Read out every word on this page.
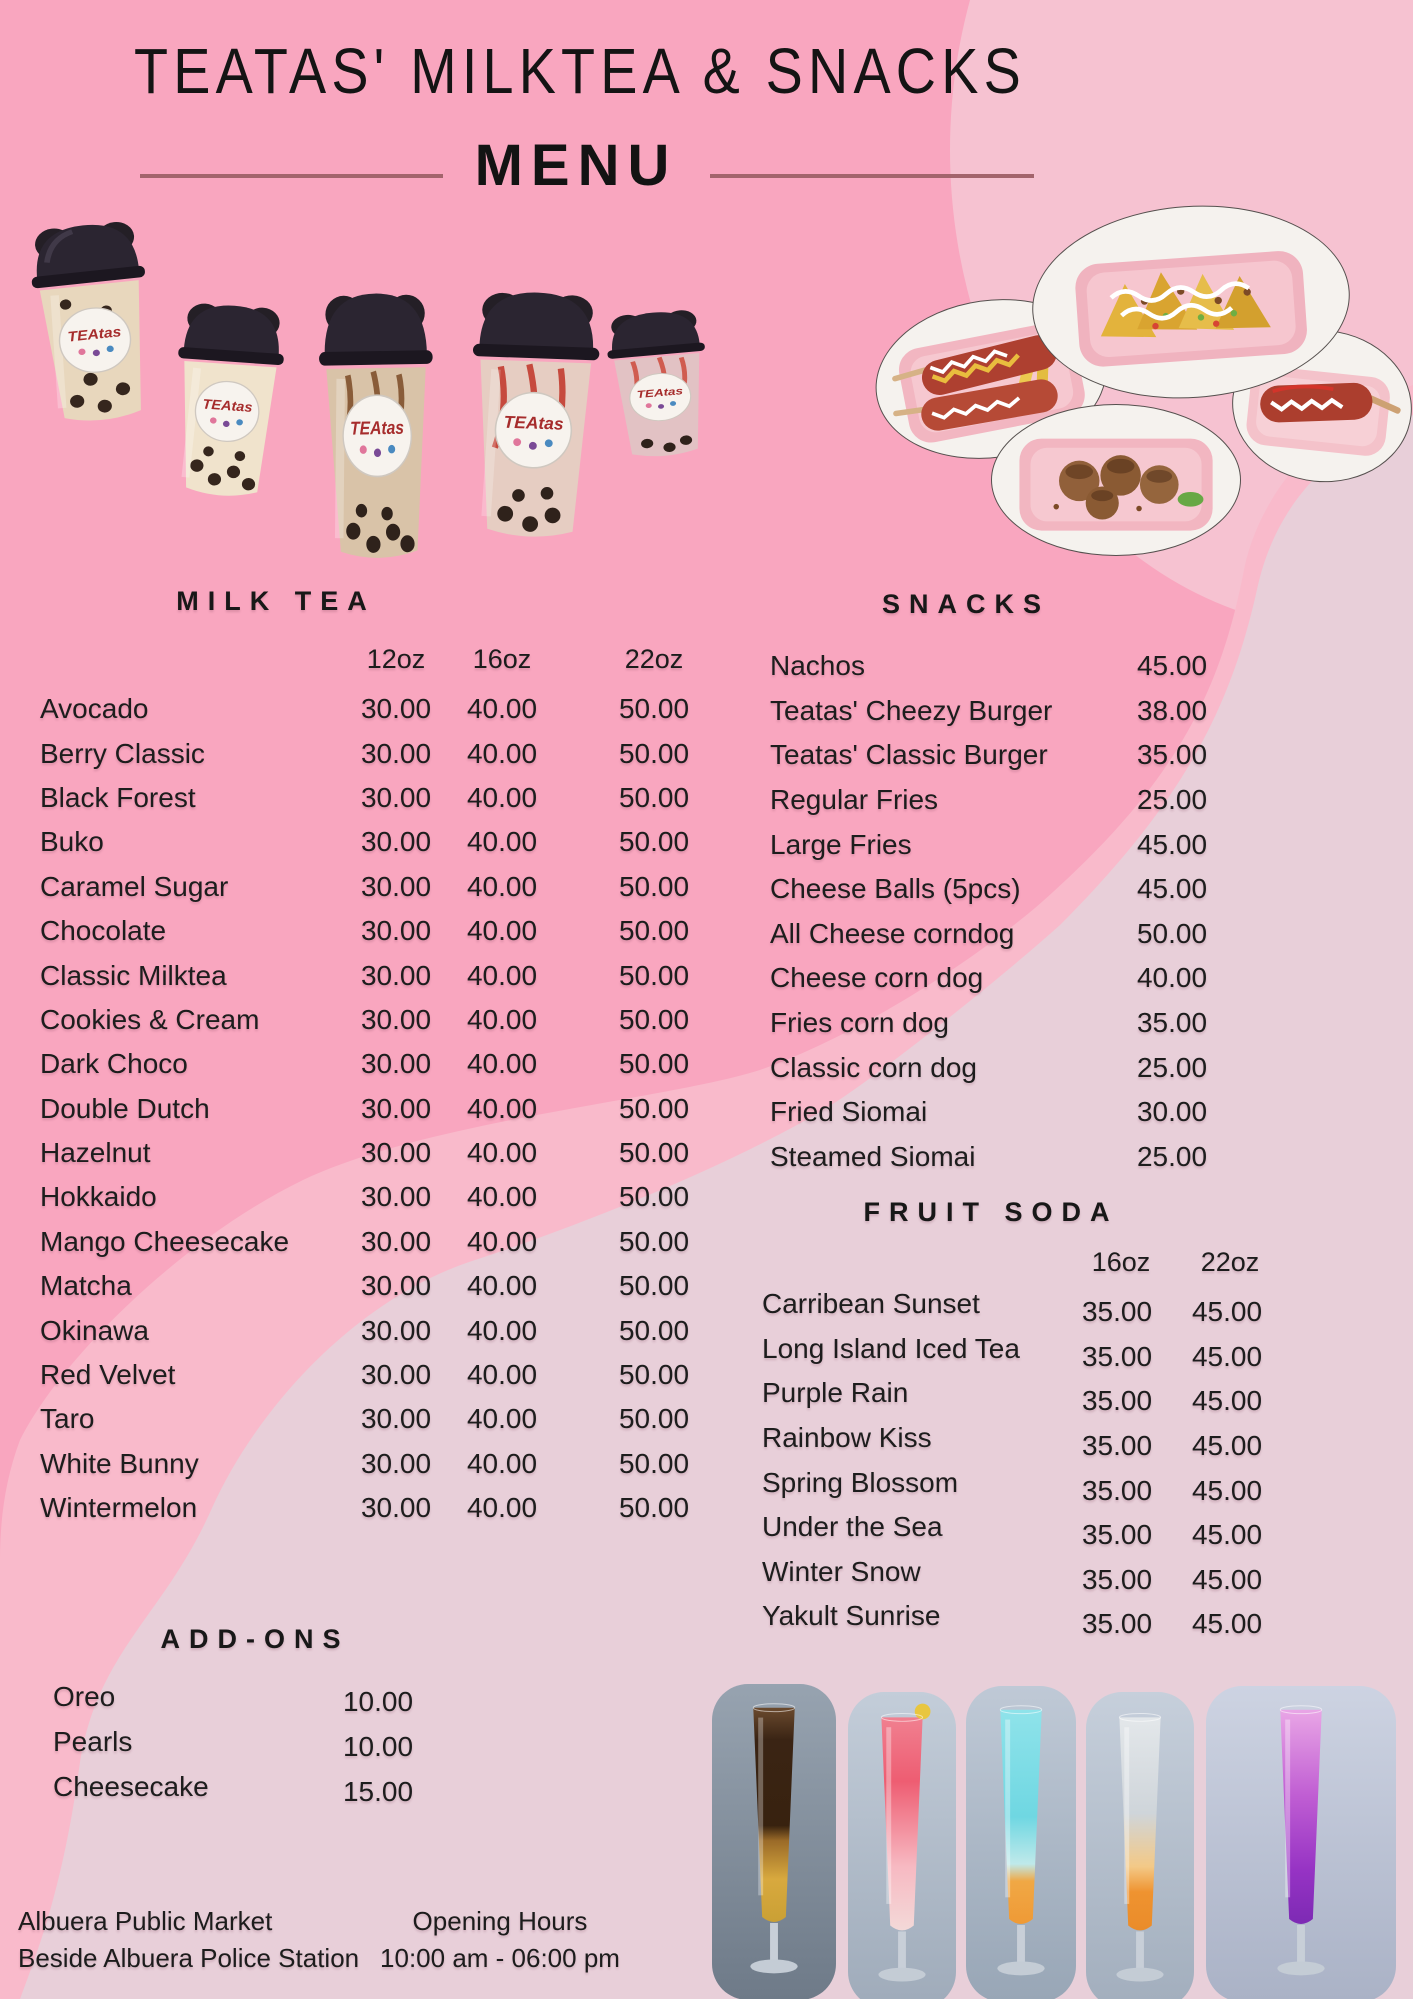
TEATAS' MILKTEA & SNACKS
MENU
TEAtas
TEAtas
TEAtas	TEAtas
TEAtas
MILK TEA
12oz	16oz	22oz
Avocado	30.00	40.00	50.00
Berry Classic	30.00	40.00	50.00
Black Forest	30.00	40.00	50.00
Buko	30.00	40.00	50.00
Caramel Sugar	30.00	40.00	50.00
Chocolate	30.00	40.00	50.00
Classic Milktea	30.00	40.00	50.00
Cookies & Cream	30.00	40.00	50.00
Dark Choco	30.00	40.00	50.00
Double Dutch	30.00	40.00	50.00
Hazelnut	30.00	40.00	50.00
Hokkaido	30.00	40.00	50.00
Mango Cheesecake	30.00	40.00	50.00
Matcha	30.00	40.00	50.00
Okinawa	30.00	40.00	50.00
Red Velvet	30.00	40.00	50.00
Taro	30.00	40.00	50.00
White Bunny	30.00	40.00	50.00
Wintermelon	30.00	40.00	50.00
SNACKS
Nachos	45.00
Teatas' Cheezy Burger	38.00
Teatas' Classic Burger	35.00
Regular Fries	25.00
Large Fries	45.00
Cheese Balls (5pcs)	45.00
All Cheese corndog	50.00
Cheese corn dog	40.00
Fries corn dog	35.00
Classic corn dog	25.00
Fried Siomai	30.00
Steamed Siomai	25.00
FRUIT SODA
16oz	22oz
Carribean Sunset	35.00	45.00
Long Island Iced Tea	35.00	45.00
Purple Rain	35.00	45.00
Rainbow Kiss	35.00	45.00
Spring Blossom	35.00	45.00
Under the Sea	35.00	45.00
Winter Snow	35.00	45.00
Yakult Sunrise	35.00	45.00
ADD-ONS
Oreo	10.00
Pearls	10.00
Cheesecake	15.00
Albuera Public Market
Beside Albuera Police Station
Opening Hours
10:00 am - 06:00 pm
